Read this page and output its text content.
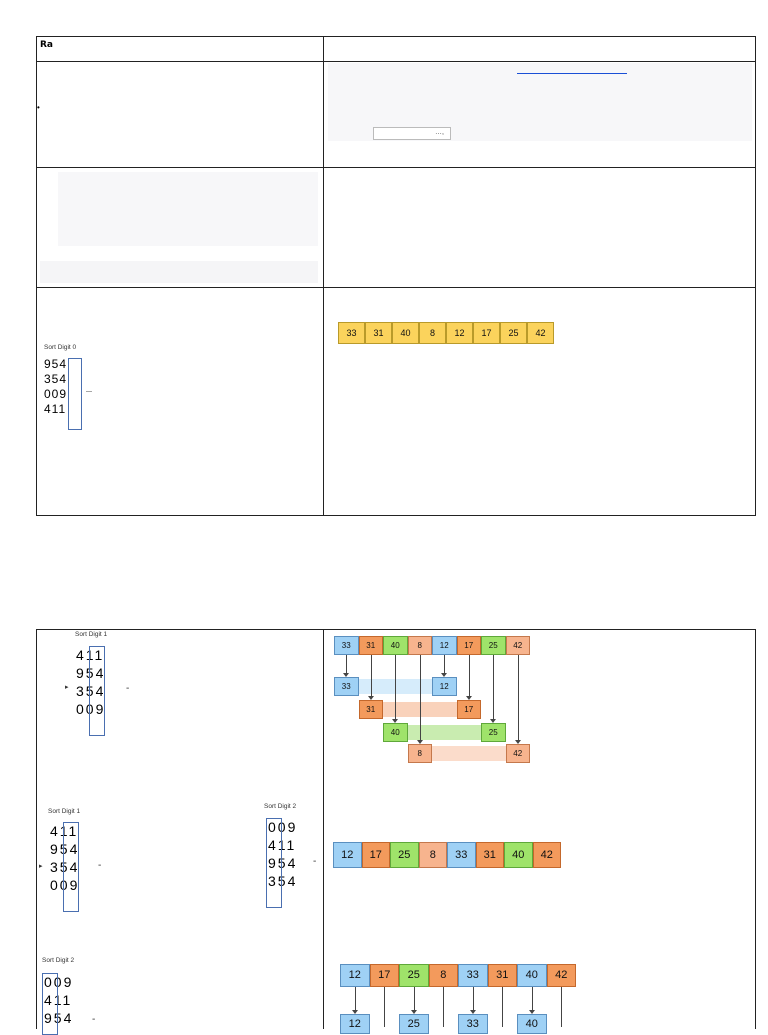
Ra
•
…,
Sort Digit 0
954
354
009
411
—
33	31	40	8	12	17	25	42
Sort Digit 1
411
954
354
009
▸	-
Sort Digit 1
411
954
354
009
▸	-
Sort Digit 2
009
411
954
354
-
Sort Digit 2
009
411
954	-
33	31	40	8	12	17	25	42
33	12
31	17
40	25
8	42
12	17	25	8	33	31	40	42
12	17	25	8	33	31	40	42
12	25	33	40
